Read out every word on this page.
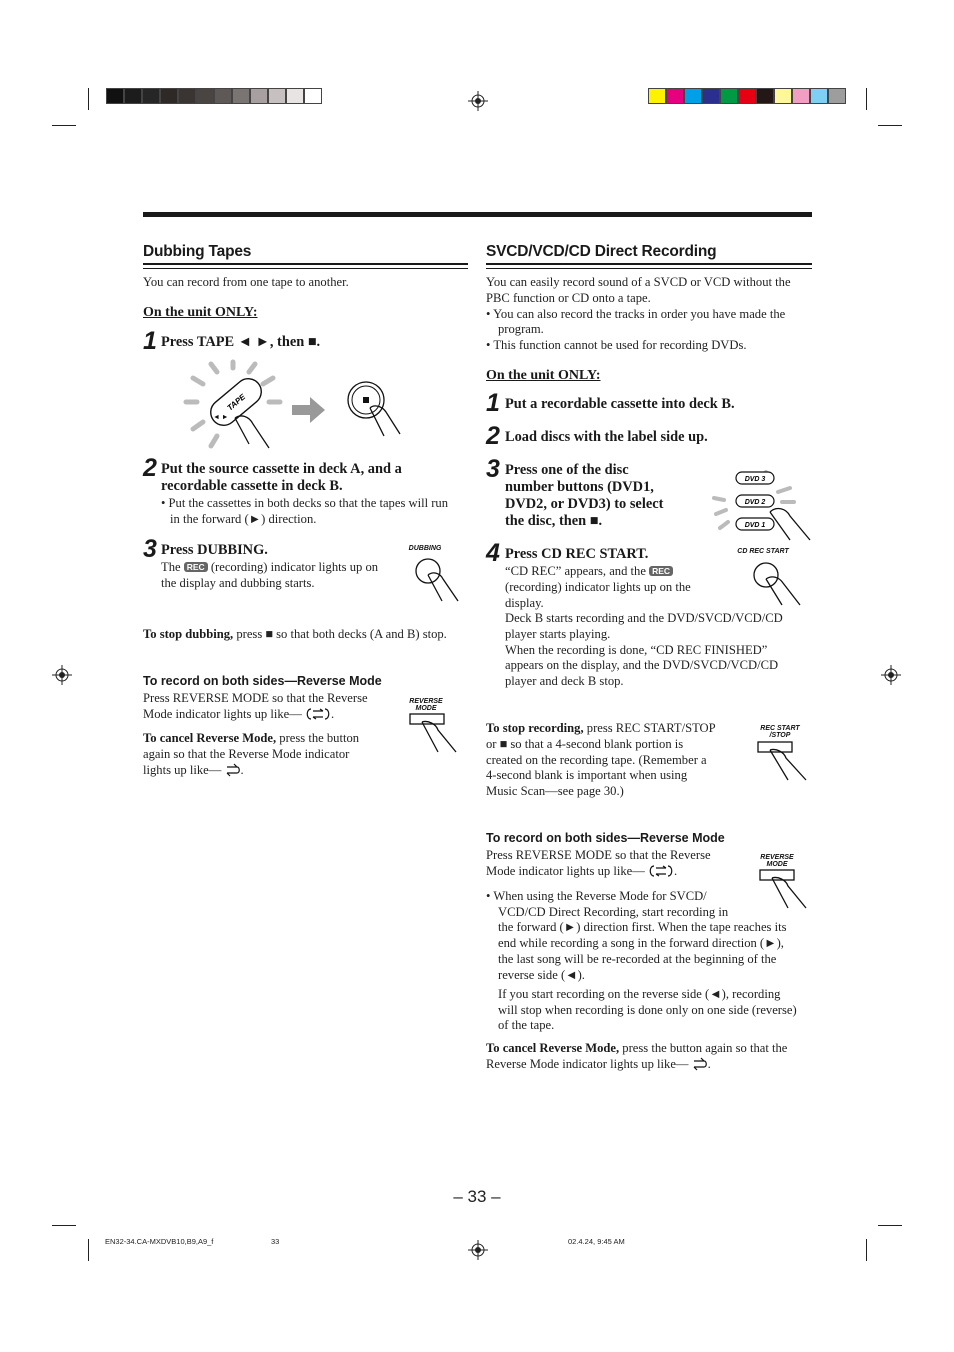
Dubbing Tapes
You can record from one tape to another.
On the unit ONLY:
1 Press TAPE ◄ ►, then ■.
TAPE
◄ ►
2 Put the source cassette in deck A, and a
recordable cassette in deck B.
• Put the cassettes in both decks so that the tapes will run
in the forward (►) direction.
3 Press DUBBING.
The REC (recording) indicator lights up on
the display and dubbing starts.
DUBBING
To stop dubbing, press ■ so that both decks (A and B) stop.
To record on both sides—Reverse Mode
Press REVERSE MODE so that the Reverse
Mode indicator lights up like— .
REVERSE
MODE
To cancel Reverse Mode, press the button
again so that the Reverse Mode indicator
lights up like— .
SVCD/VCD/CD Direct Recording
You can easily record sound of a SVCD or VCD without the
PBC function or CD onto a tape.
• You can also record the tracks in order you have made the
program.
• This function cannot be used for recording DVDs.
On the unit ONLY:
1 Put a recordable cassette into deck B.
2 Load discs with the label side up.
3 Press one of the disc
number buttons (DVD1,
DVD2, or DVD3) to select
the disc, then ■.
DVD 3
DVD 2
DVD 1
4 Press CD REC START.	CD REC START
“CD REC” appears, and the REC
(recording) indicator lights up on the
display.
Deck B starts recording and the DVD/SVCD/VCD/CD
player starts playing.
When the recording is done, “CD REC FINISHED”
appears on the display, and the DVD/SVCD/VCD/CD
player and deck B stop.
To stop recording, press REC START/STOP
or ■ so that a 4-second blank portion is
created on the recording tape. (Remember a
4-second blank is important when using
Music Scan—see page 30.)
REC START
/STOP
To record on both sides—Reverse Mode
Press REVERSE MODE so that the Reverse
Mode indicator lights up like— .
REVERSE
MODE
• When using the Reverse Mode for SVCD/
VCD/CD Direct Recording, start recording in
the forward (►) direction first. When the tape reaches its
end while recording a song in the forward direction (►),
the last song will be re-recorded at the beginning of the
reverse side (◄).
If you start recording on the reverse side (◄), recording
will stop when recording is done only on one side (reverse)
of the tape.
To cancel Reverse Mode, press the button again so that the
Reverse Mode indicator lights up like— .
– 33 –
EN32-34.CA-MXDVB10,B9,A9_f	33	02.4.24, 9:45 AM
